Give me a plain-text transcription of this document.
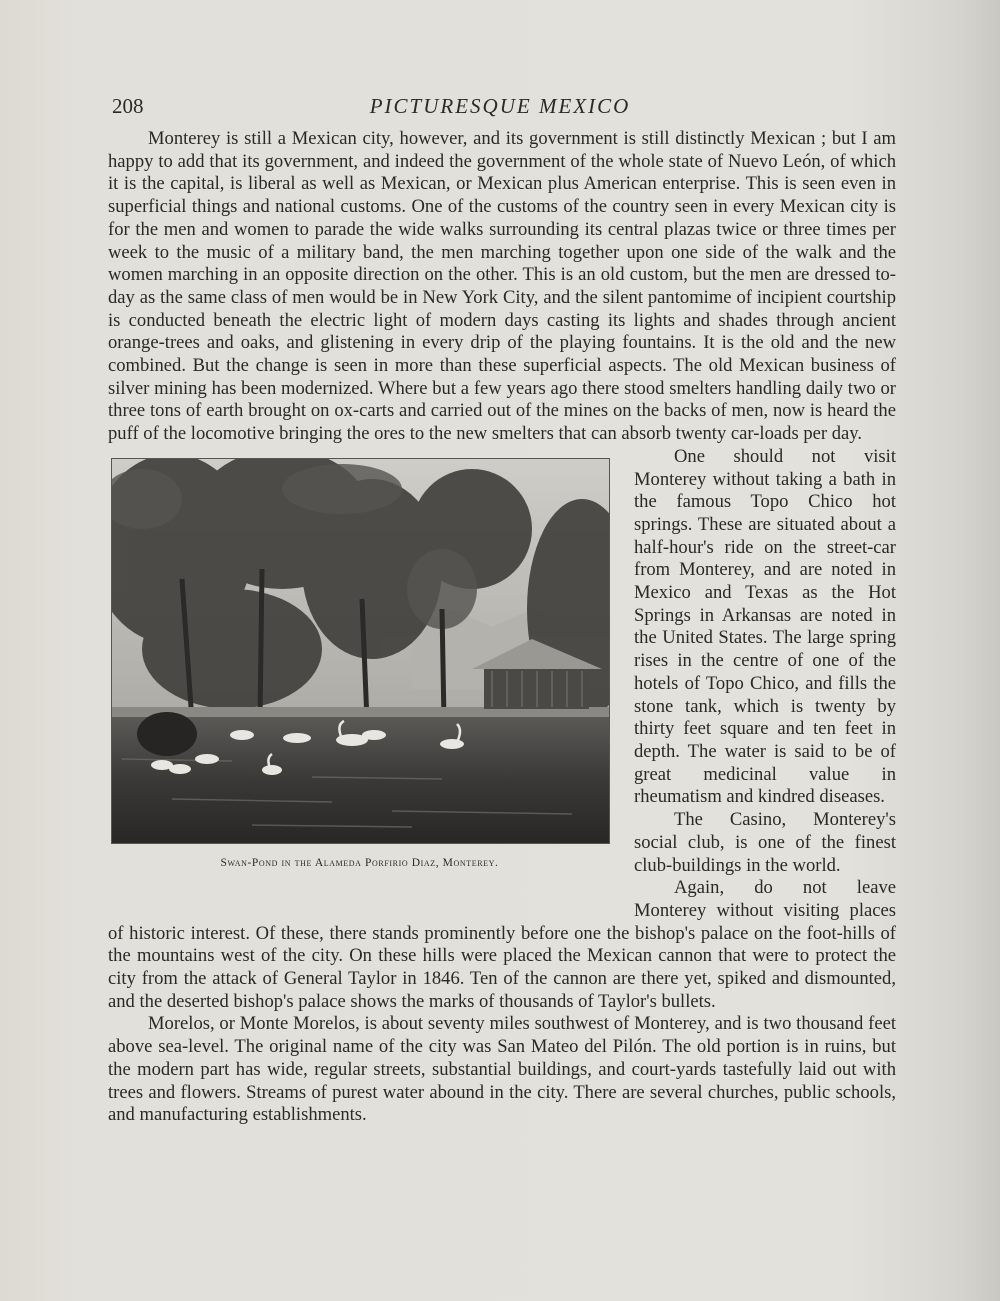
208	PICTURESQUE MEXICO

Monterey is still a Mexican city, however, and its government is still distinctly Mexican ; but I am happy to add that its government, and indeed the government of the whole state of Nuevo León, of which it is the capital, is liberal as well as Mexican, or Mexican plus American enterprise. This is seen even in superficial things and national customs. One of the customs of the country seen in every Mexican city is for the men and women to parade the wide walks surrounding its central plazas twice or three times per week to the music of a military band, the men marching together upon one side of the walk and the women marching in an opposite direction on the other. This is an old custom, but the men are dressed to-day as the same class of men would be in New York City, and the silent pantomime of incipient courtship is conducted beneath the electric light of modern days casting its lights and shades through ancient orange-trees and oaks, and glistening in every drip of the playing fountains. It is the old and the new combined. But the change is seen in more than these superficial aspects. The old Mexican business of silver mining has been modernized. Where but a few years ago there stood smelters handling daily two or three tons of earth brought on ox-carts and carried out of the mines on the backs of men, now is heard the puff of the locomotive bringing the ores to the new smelters that can absorb twenty car-loads per day.

Swan-Pond in the Alameda Porfirio Diaz, Monterey.

One should not visit Monterey without taking a bath in the famous Topo Chico hot springs. These are situated about a half-hour's ride on the street-car from Monterey, and are noted in Mexico and Texas as the Hot Springs in Arkansas are noted in the United States. The large spring rises in the centre of one of the hotels of Topo Chico, and fills the stone tank, which is twenty by thirty feet square and ten feet in depth. The water is said to be of great medicinal value in rheumatism and kindred diseases.

The Casino, Monterey's social club, is one of the finest club-buildings in the world.

Again, do not leave Monterey without visiting places of historic interest. Of these, there stands prominently before one the bishop's palace on the foot-hills of the mountains west of the city. On these hills were placed the Mexican cannon that were to protect the city from the attack of General Taylor in 1846. Ten of the cannon are there yet, spiked and dismounted, and the deserted bishop's palace shows the marks of thousands of Taylor's bullets.

Morelos, or Monte Morelos, is about seventy miles southwest of Monterey, and is two thousand feet above sea-level. The original name of the city was San Mateo del Pilón. The old portion is in ruins, but the modern part has wide, regular streets, substantial buildings, and court-yards tastefully laid out with trees and flowers. Streams of purest water abound in the city. There are several churches, public schools, and manufacturing establishments.
